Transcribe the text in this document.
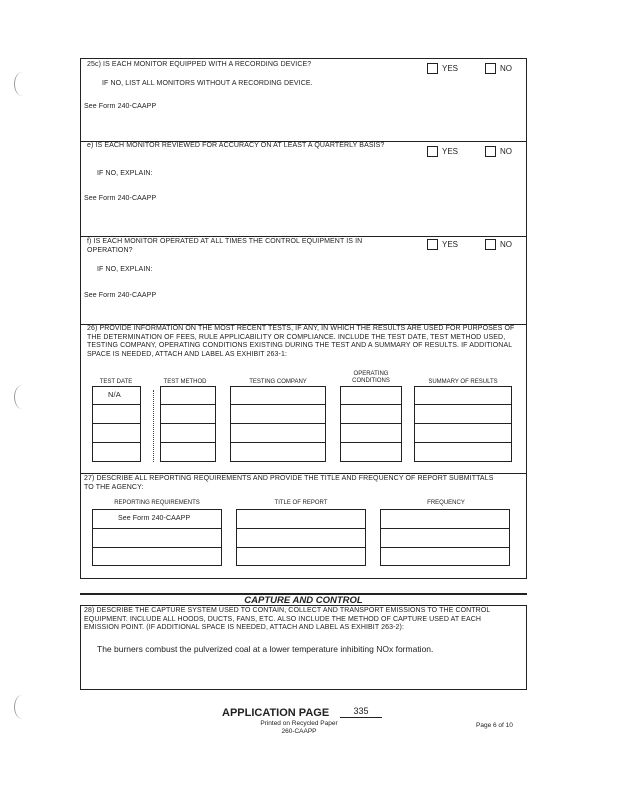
25c) IS EACH MONITOR EQUIPPED WITH A RECORDING DEVICE?	YES	NO
IF NO, LIST ALL MONITORS WITHOUT A RECORDING DEVICE.
See Form 240-CAAPP
e) IS EACH MONITOR REVIEWED FOR ACCURACY ON AT LEAST A QUARTERLY BASIS?
YES	NO
IF NO, EXPLAIN:
See Form 240-CAAPP
f) IS EACH MONITOR OPERATED AT ALL TIMES THE CONTROL EQUIPMENT IS IN OPERATION?
YES	NO
IF NO, EXPLAIN:
See Form 240-CAAPP
26) PROVIDE INFORMATION ON THE MOST RECENT TESTS, IF ANY, IN WHICH THE RESULTS ARE USED FOR PURPOSES OF THE DETERMINATION OF FEES, RULE APPLICABILITY OR COMPLIANCE. INCLUDE THE TEST DATE, TEST METHOD USED, TESTING COMPANY, OPERATING CONDITIONS EXISTING DURING THE TEST AND A SUMMARY OF RESULTS. IF ADDITIONAL SPACE IS NEEDED, ATTACH AND LABEL AS EXHIBIT 263-1:
TEST DATE	TEST METHOD	TESTING COMPANY
OPERATING CONDITIONS	SUMMARY OF RESULTS
N/A
27) DESCRIBE ALL REPORTING REQUIREMENTS AND PROVIDE THE TITLE AND FREQUENCY OF REPORT SUBMITTALS TO THE AGENCY:
REPORTING REQUIREMENTS	TITLE OF REPORT	FREQUENCY
See Form 240-CAAPP
CAPTURE AND CONTROL
28) DESCRIBE THE CAPTURE SYSTEM USED TO CONTAIN, COLLECT AND TRANSPORT EMISSIONS TO THE CONTROL EQUIPMENT. INCLUDE ALL HOODS, DUCTS, FANS, ETC. ALSO INCLUDE THE METHOD OF CAPTURE USED AT EACH EMISSION POINT. (IF ADDITIONAL SPACE IS NEEDED, ATTACH AND LABEL AS EXHIBIT 263-2):
The burners combust the pulverized coal at a lower temperature inhibiting NOx formation.
APPLICATION PAGE	335
Printed on Recycled Paper
260-CAAPP
Page 6 of 10
